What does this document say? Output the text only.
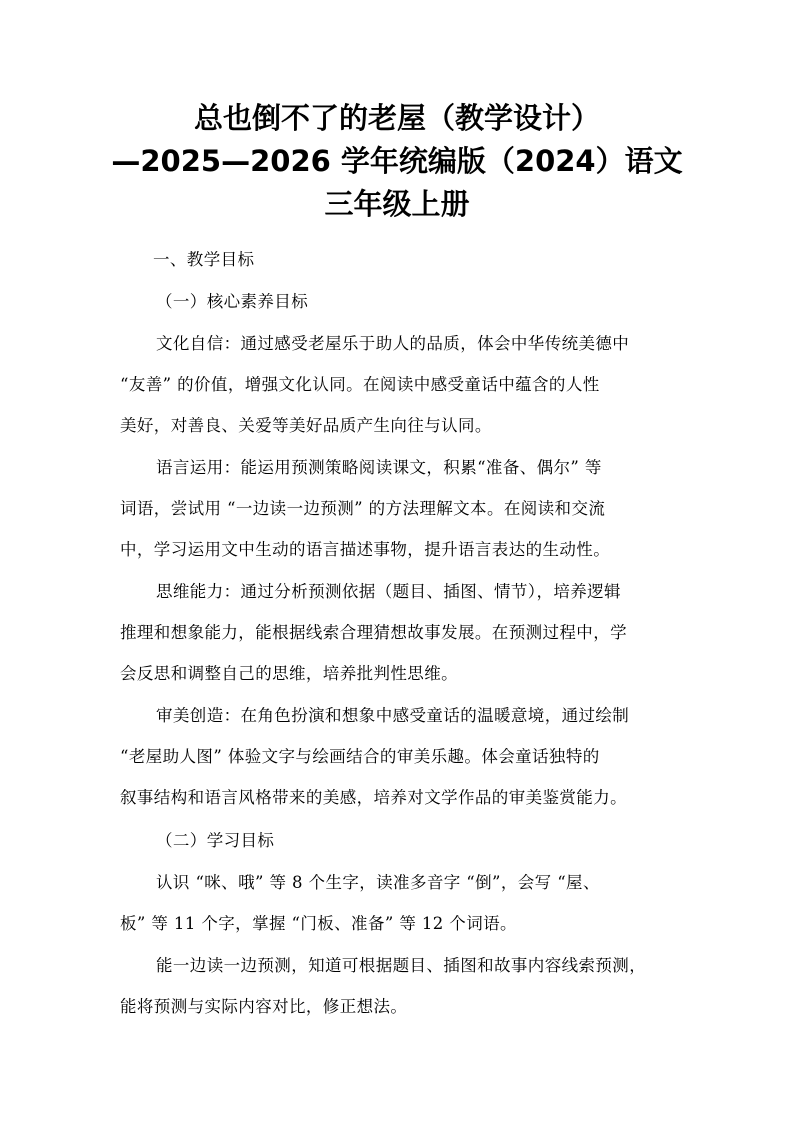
总也倒不了的老屋（教学设计）
—2025—2026 学年统编版（2024）语文
三年级上册
一、教学目标
（一）核心素养目标
文化自信：通过感受老屋乐于助人的品质，体会中华传统美德中
“友善” 的价值，增强文化认同。在阅读中感受童话中蕴含的人性
美好，对善良、关爱等美好品质产生向往与认同。
语言运用：能运用预测策略阅读课文，积累“准备、偶尔” 等
词语，尝试用 “一边读一边预测” 的方法理解文本。在阅读和交流
中，学习运用文中生动的语言描述事物，提升语言表达的生动性。
思维能力：通过分析预测依据（题目、插图、情节），培养逻辑
推理和想象能力，能根据线索合理猜想故事发展。在预测过程中，学
会反思和调整自己的思维，培养批判性思维。
审美创造：在角色扮演和想象中感受童话的温暖意境，通过绘制
“老屋助人图” 体验文字与绘画结合的审美乐趣。体会童话独特的
叙事结构和语言风格带来的美感，培养对文学作品的审美鉴赏能力。
（二）学习目标
认识 “咪、哦” 等 8 个生字，读准多音字 “倒”，会写 “屋、
板” 等 11 个字，掌握 “门板、准备” 等 12 个词语。
能一边读一边预测，知道可根据题目、插图和故事内容线索预测，
能将预测与实际内容对比，修正想法。
